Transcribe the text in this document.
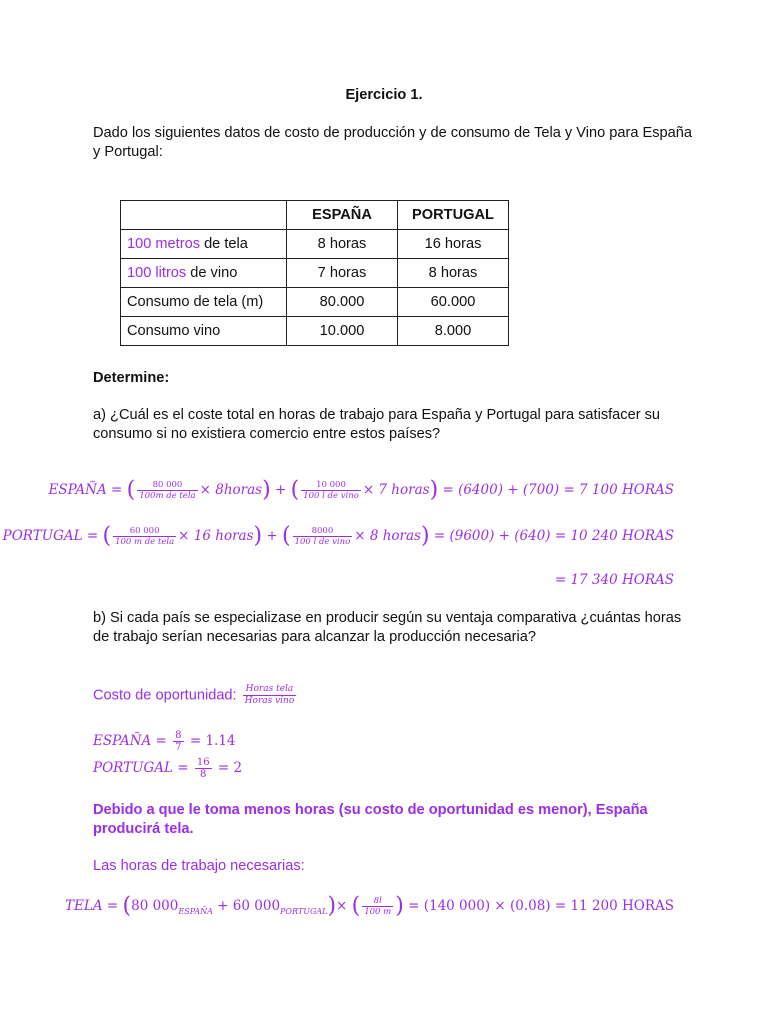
Ejercicio 1.
Dado los siguientes datos de costo de producción y de consumo de Tela y Vino para España y Portugal:
	ESPAÑA	PORTUGAL
100 metros de tela	8 horas	16 horas
100 litros de vino	7 horas	8 horas
Consumo de tela (m)	80.000	60.000
Consumo vino	10.000	8.000
Determine:
a) ¿Cuál es el coste total en horas de trabajo para España y Portugal para satisfacer su consumo si no existiera comercio entre estos países?
ESPAÑA = ( $\frac{80 000}{\text{100m de tela}}$ × 8horas) + ( $\frac{10 000}{\text{100 l de vino}} \times 7$ horas) = (6400) + (700) = 7 100 HORAS
PORTUGAL = ( $\frac{60 000}{\text{100 m de tela}} \times 16$ horas) + ( $\frac{8000}{\text{100 l de vino}} \times 8$ horas) = (9600) + (640) = 10 240 HORAS
= 17 340 HORAS
b) Si cada país se especializase en producir según su ventaja comparativa ¿cuántas horas de trabajo serían necesarias para alcanzar la producción necesaria?
Costo de oportunidad: $\frac{\text{Horas tela}}{\text{Horas vino}}$
ESPAÑA = $\frac{8}{7} = 1.14$
PORTUGAL = $\frac{16}{8} = 2$
Debido a que le toma menos horas (su costo de oportunidad es menor), España producirá tela.
Las horas de trabajo necesarias:
TELA = (80 $000_{ESPAÑA} + 60$ $000_{PORTUGAL})\times$ ( $\frac{8l}{100 m}$ ) = (140 000) × (0.08) = 11 200 HORAS
